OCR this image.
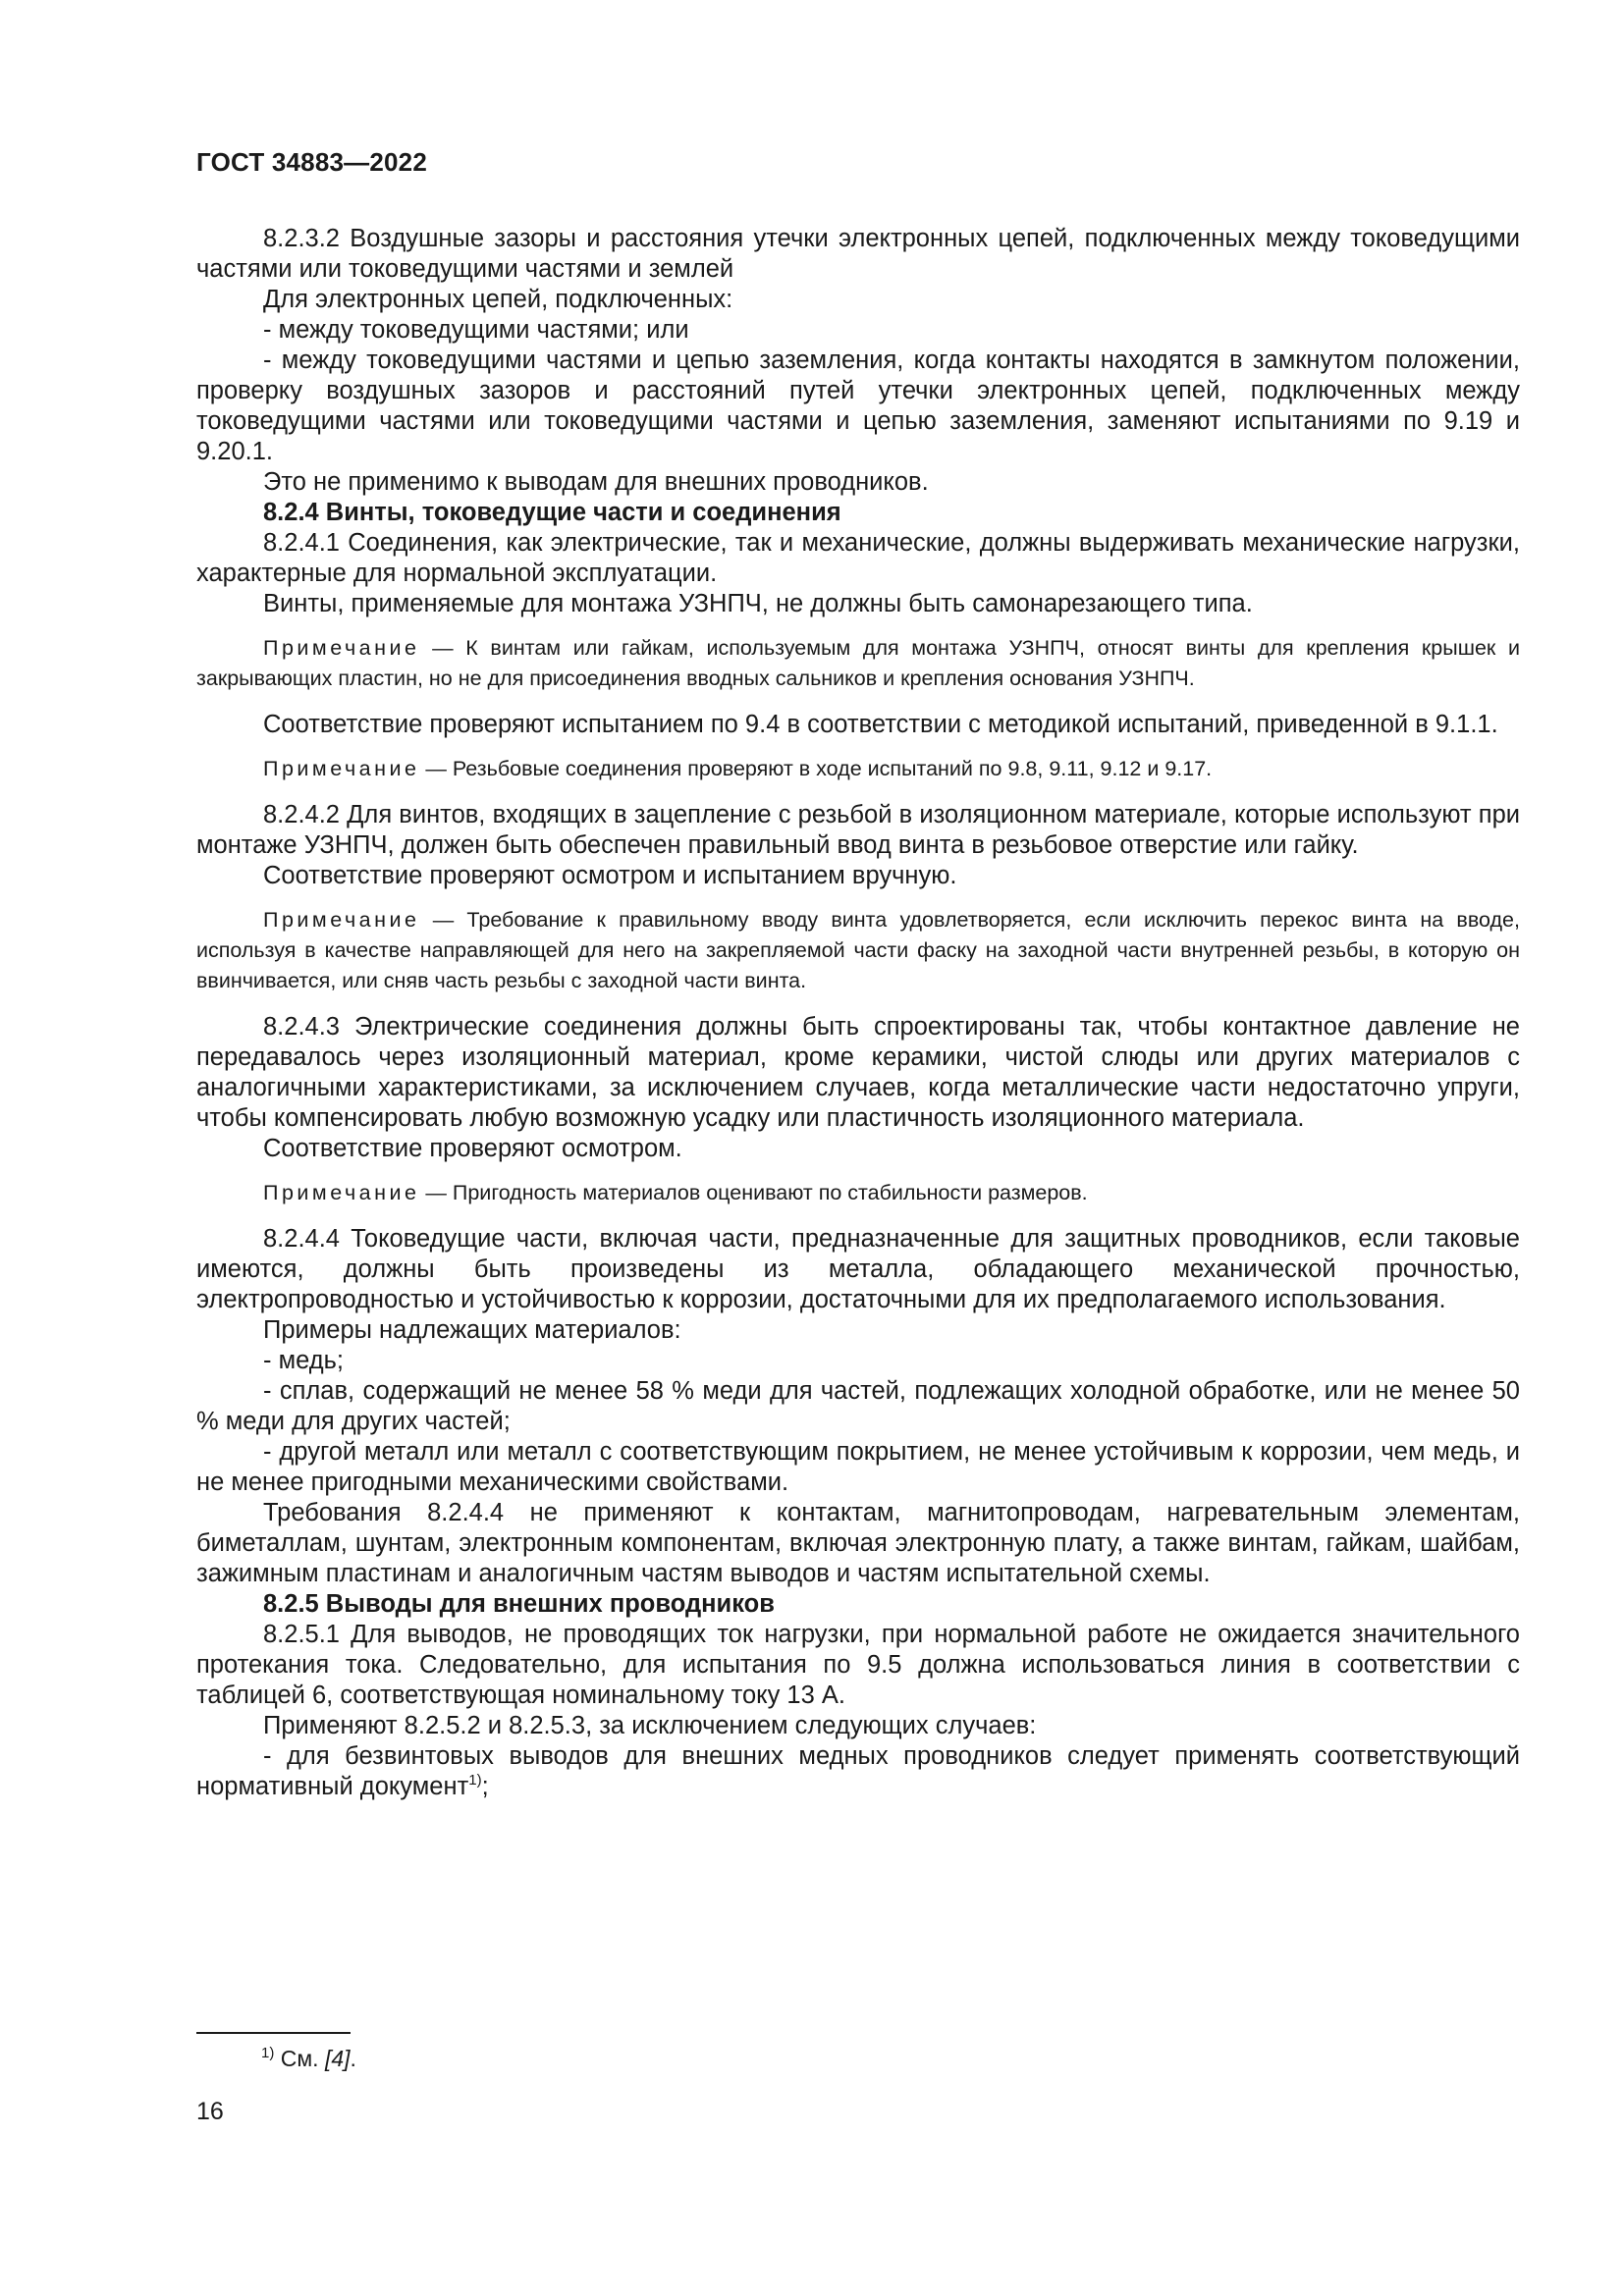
ГОСТ 34883—2022

8.2.3.2 Воздушные зазоры и расстояния утечки электронных цепей, подключенных между токоведущими частями или токоведущими частями и землей

Для электронных цепей, подключенных:

- между токоведущими частями; или

- между токоведущими частями и цепью заземления, когда контакты находятся в замкнутом положении, проверку воздушных зазоров и расстояний путей утечки электронных цепей, подключенных между токоведущими частями или токоведущими частями и цепью заземления, заменяют испытаниями по 9.19 и 9.20.1.

Это не применимо к выводам для внешних проводников.

8.2.4 Винты, токоведущие части и соединения

8.2.4.1 Соединения, как электрические, так и механические, должны выдерживать механические нагрузки, характерные для нормальной эксплуатации.

Винты, применяемые для монтажа УЗНПЧ, не должны быть самонарезающего типа.

Примечание — К винтам или гайкам, используемым для монтажа УЗНПЧ, относят винты для крепления крышек и закрывающих пластин, но не для присоединения вводных сальников и крепления основания УЗНПЧ.

Соответствие проверяют испытанием по 9.4 в соответствии с методикой испытаний, приведенной в 9.1.1.

Примечание — Резьбовые соединения проверяют в ходе испытаний по 9.8, 9.11, 9.12 и 9.17.

8.2.4.2 Для винтов, входящих в зацепление с резьбой в изоляционном материале, которые используют при монтаже УЗНПЧ, должен быть обеспечен правильный ввод винта в резьбовое отверстие или гайку.

Соответствие проверяют осмотром и испытанием вручную.

Примечание — Требование к правильному вводу винта удовлетворяется, если исключить перекос винта на вводе, используя в качестве направляющей для него на закрепляемой части фаску на заходной части внутренней резьбы, в которую он ввинчивается, или сняв часть резьбы с заходной части винта.

8.2.4.3 Электрические соединения должны быть спроектированы так, чтобы контактное давление не передавалось через изоляционный материал, кроме керамики, чистой слюды или других материалов с аналогичными характеристиками, за исключением случаев, когда металлические части недостаточно упруги, чтобы компенсировать любую возможную усадку или пластичность изоляционного материала.

Соответствие проверяют осмотром.

Примечание — Пригодность материалов оценивают по стабильности размеров.

8.2.4.4 Токоведущие части, включая части, предназначенные для защитных проводников, если таковые имеются, должны быть произведены из металла, обладающего механической прочностью, электропроводностью и устойчивостью к коррозии, достаточными для их предполагаемого использования.

Примеры надлежащих материалов:

- медь;

- сплав, содержащий не менее 58 % меди для частей, подлежащих холодной обработке, или не менее 50 % меди для других частей;

- другой металл или металл с соответствующим покрытием, не менее устойчивым к коррозии, чем медь, и не менее пригодными механическими свойствами.

Требования 8.2.4.4 не применяют к контактам, магнитопроводам, нагревательным элементам, биметаллам, шунтам, электронным компонентам, включая электронную плату, а также винтам, гайкам, шайбам, зажимным пластинам и аналогичным частям выводов и частям испытательной схемы.

8.2.5 Выводы для внешних проводников

8.2.5.1 Для выводов, не проводящих ток нагрузки, при нормальной работе не ожидается значительного протекания тока. Следовательно, для испытания по 9.5 должна использоваться линия в соответствии с таблицей 6, соответствующая номинальному току 13 А.

Применяют 8.2.5.2 и 8.2.5.3, за исключением следующих случаев:

- для безвинтовых выводов для внешних медных проводников следует применять соответствующий нормативный документ$^{1)}$;

$^{1)}$ См. [4].
16
